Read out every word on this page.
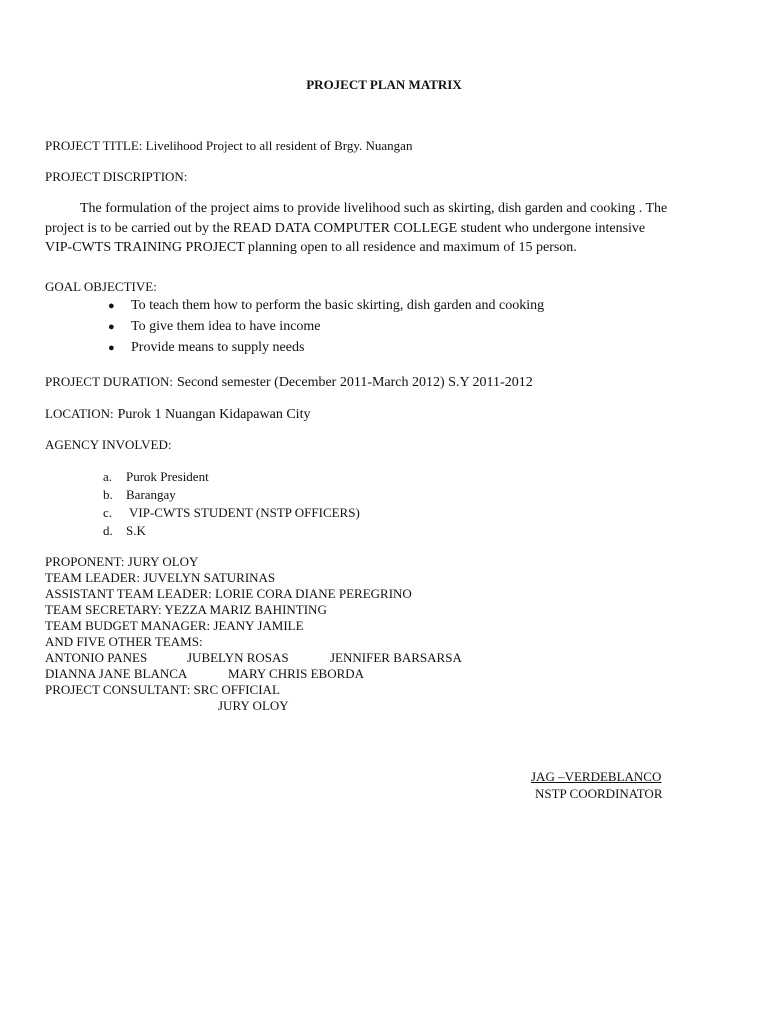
PROJECT PLAN MATRIX
PROJECT TITLE: Livelihood Project to all resident of Brgy. Nuangan
PROJECT DISCRIPTION:
The formulation of the project aims to provide livelihood such as skirting, dish garden and cooking . The
project is to be carried out by the READ DATA COMPUTER COLLEGE student who undergone intensive
VIP-CWTS TRAINING PROJECT planning open to all residence and maximum of 15 person.
GOAL OBJECTIVE:
● To teach them how to perform the basic skirting, dish garden and cooking
● To give them idea to have income
● Provide means to supply needs
PROJECT DURATION: Second semester (December 2011-March 2012) S.Y 2011-2012
LOCATION: Purok 1 Nuangan Kidapawan City
AGENCY INVOLVED:
a. Purok President
b. Barangay
c. VIP-CWTS STUDENT (NSTP OFFICERS)
d. S.K
PROPONENT: JURY OLOY
TEAM LEADER: JUVELYN SATURINAS
ASSISTANT TEAM LEADER: LORIE CORA DIANE PEREGRINO
TEAM SECRETARY: YEZZA MARIZ BAHINTING
TEAM BUDGET MANAGER: JEANY JAMILE
AND FIVE OTHER TEAMS:
ANTONIO PANES	JUBELYN ROSAS	JENNIFER BARSARSA
DIANNA JANE BLANCA	MARY CHRIS EBORDA
PROJECT CONSULTANT: SRC OFFICIAL
JURY OLOY
JAG –VERDEBLANCO
NSTP COORDINATOR
